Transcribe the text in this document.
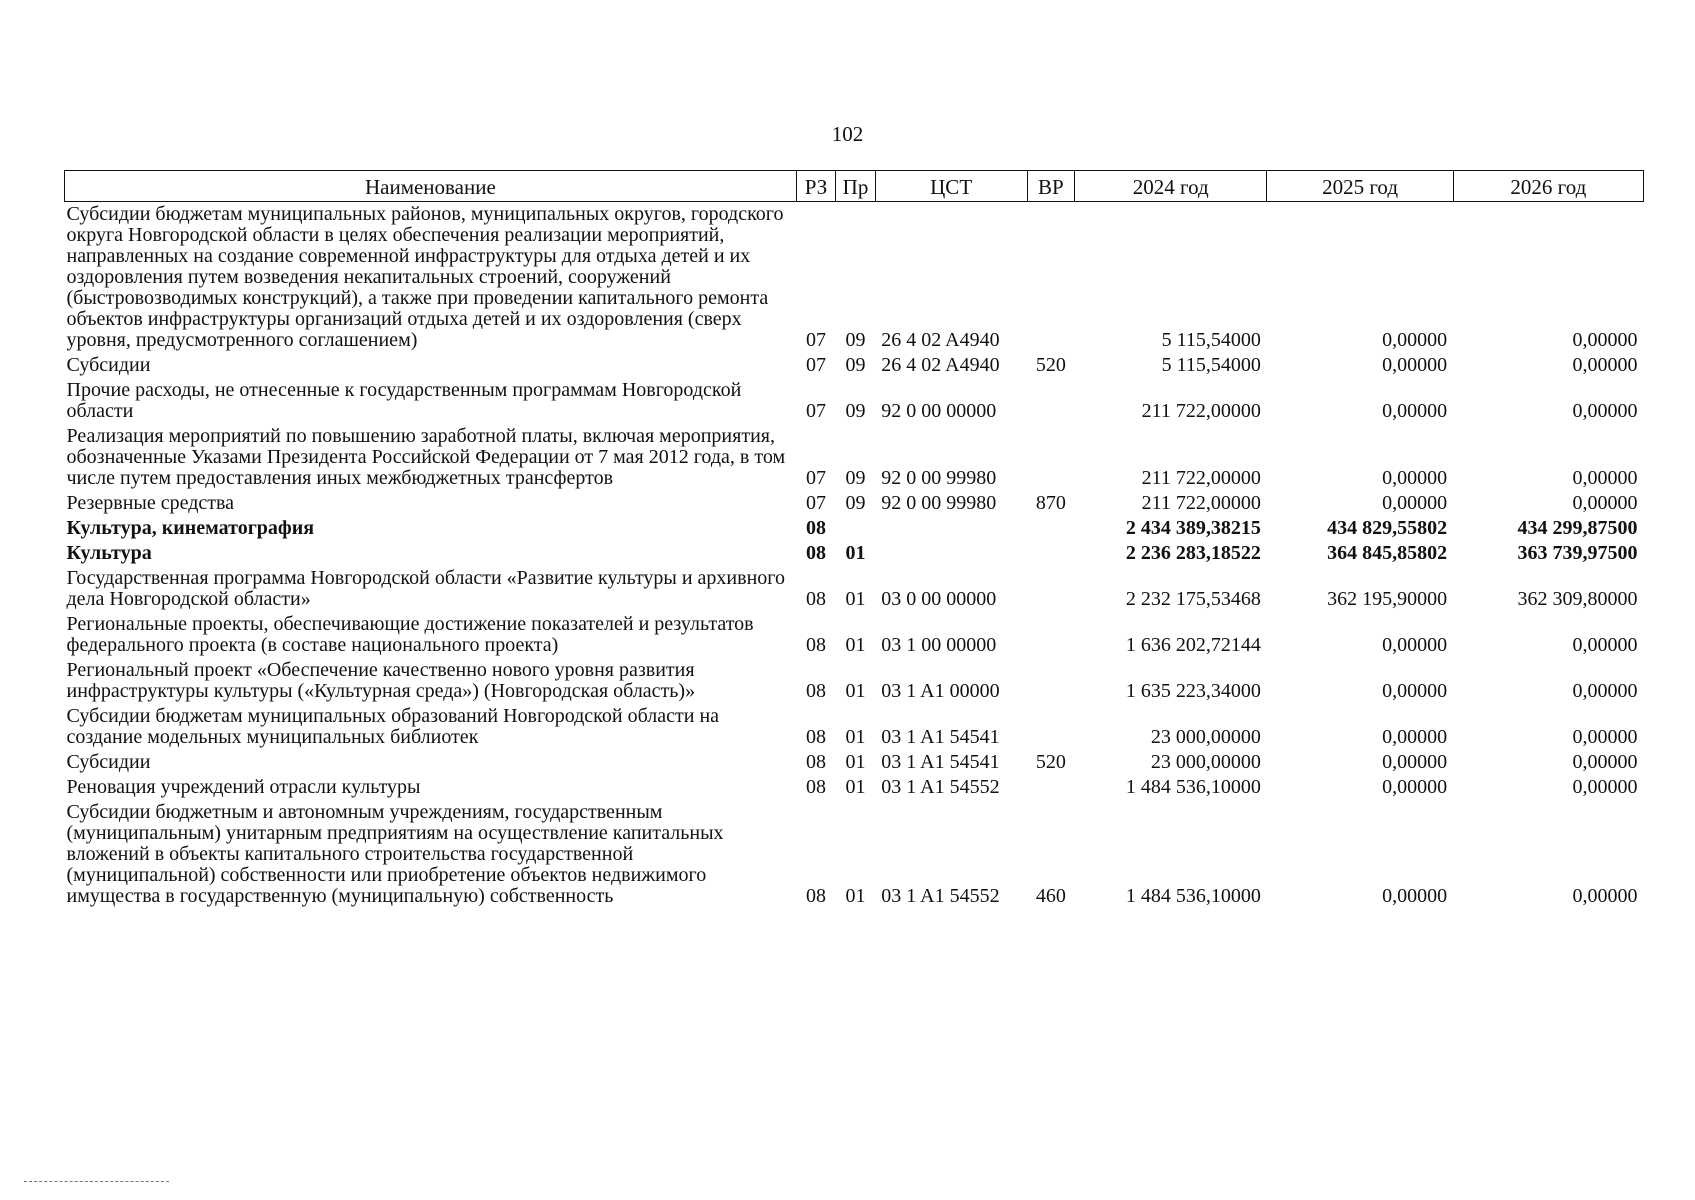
102
Наименование	РЗ	Пр	ЦСТ	ВР	2024 год	2025 год	2026 год
Субсидии бюджетам муниципальных районов, муниципальных округов, городского округа Новгородской области в целях обеспечения реализации мероприятий, направленных на создание современной инфраструктуры для отдыха детей и их оздоровления путем возведения некапитальных строений, сооружений (быстровозводимых конструкций), а также при проведении капитального ремонта объектов инфраструктуры организаций отдыха детей и их оздоровления (сверх уровня, предусмотренного соглашением)	07	09	26 4 02 A4940		5 115,54000	0,00000	0,00000
Субсидии	07	09	26 4 02 A4940	520	5 115,54000	0,00000	0,00000
Прочие расходы, не отнесенные к государственным программам Новгородской области	07	09	92 0 00 00000		211 722,00000	0,00000	0,00000
Реализация мероприятий по повышению заработной платы, включая мероприятия, обозначенные Указами Президента Российской Федерации от 7 мая 2012 года, в том числе путем предоставления иных межбюджетных трансфертов	07	09	92 0 00 99980		211 722,00000	0,00000	0,00000
Резервные средства	07	09	92 0 00 99980	870	211 722,00000	0,00000	0,00000
Культура, кинематография	08				2 434 389,38215	434 829,55802	434 299,87500
Культура	08	01			2 236 283,18522	364 845,85802	363 739,97500
Государственная программа Новгородской области «Развитие культуры и архивного дела Новгородской области»	08	01	03 0 00 00000		2 232 175,53468	362 195,90000	362 309,80000
Региональные проекты, обеспечивающие достижение показателей и результатов федерального проекта (в составе национального проекта)	08	01	03 1 00 00000		1 636 202,72144	0,00000	0,00000
Региональный проект «Обеспечение качественно нового уровня развития инфраструктуры культуры («Культурная среда») (Новгородская область)»	08	01	03 1 A1 00000		1 635 223,34000	0,00000	0,00000
Субсидии бюджетам муниципальных образований Новгородской области на создание модельных муниципальных библиотек	08	01	03 1 A1 54541		23 000,00000	0,00000	0,00000
Субсидии	08	01	03 1 A1 54541	520	23 000,00000	0,00000	0,00000
Реновация учреждений отрасли культуры	08	01	03 1 A1 54552		1 484 536,10000	0,00000	0,00000
Субсидии бюджетным и автономным учреждениям, государственным (муниципальным) унитарным предприятиям на осуществление капитальных вложений в объекты капитального строительства государственной (муниципальной) собственности или приобретение объектов недвижимого имущества в государственную (муниципальную) собственность	08	01	03 1 A1 54552	460	1 484 536,10000	0,00000	0,00000
